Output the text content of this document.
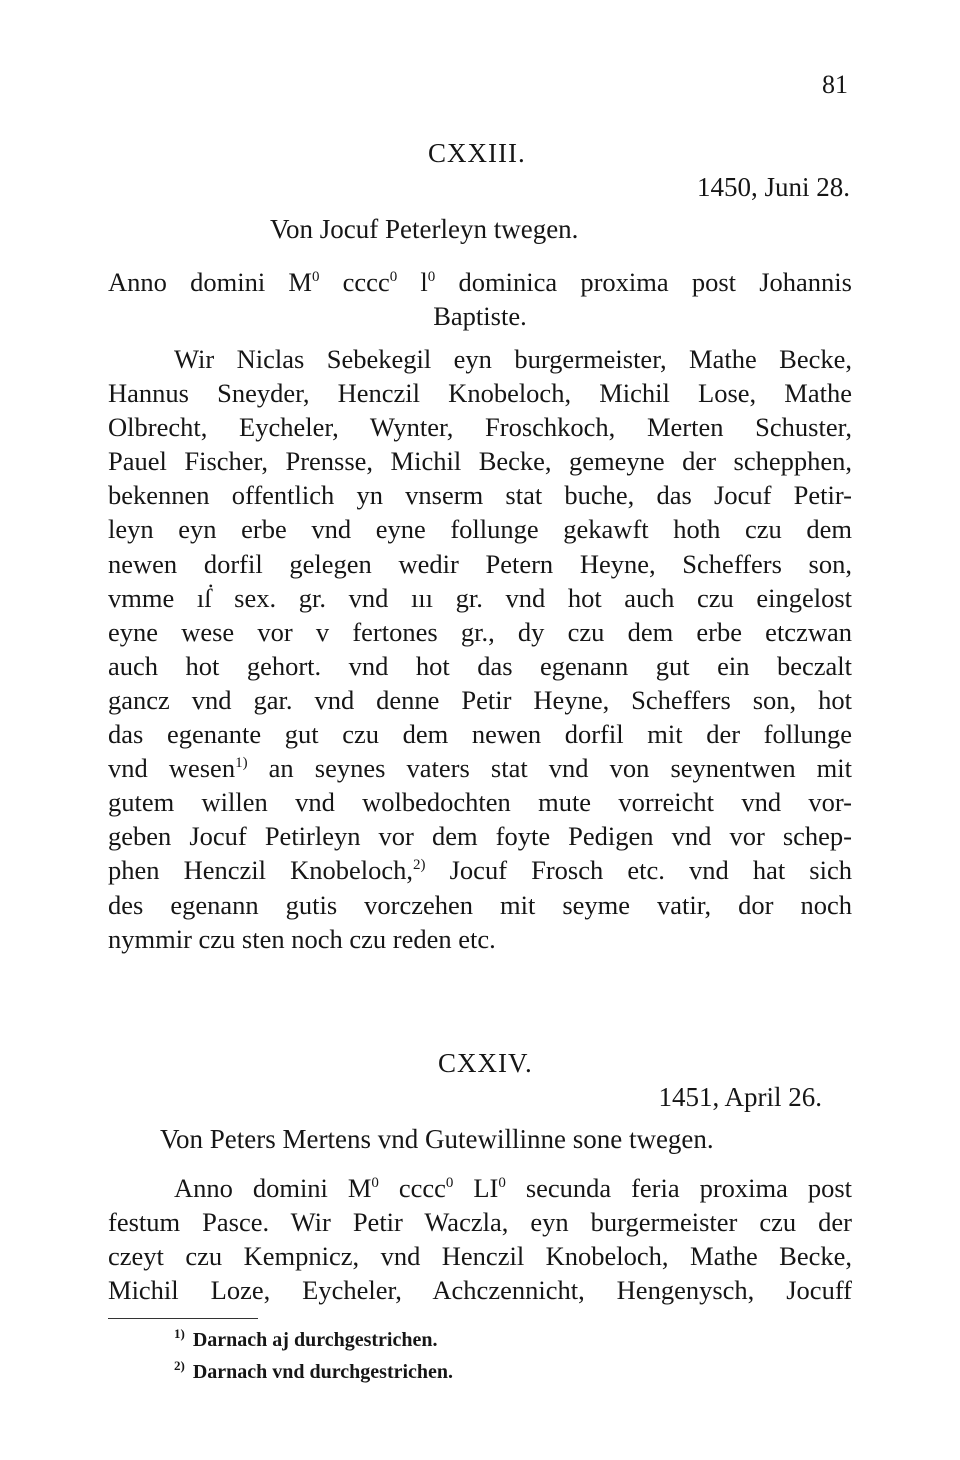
81
CXXIII.
1450, Juni 28.
Von Jocuf Peterleyn twegen.
Anno domini $M^0$ cccc$^0$ $l^0$ dominica proxima post Johannis
Baptiste.
Wir Niclas Sebekegil eyn burgermeister, Mathe Becke,
Hannus Sneyder, Henczil Knobeloch, Michil Lose, Mathe
Olbrecht, Eycheler, Wynter, Froschkoch, Merten Schuster,
Pauel Fischer, Prensse, Michil Becke, gemeyne der schepphen,
bekennen offentlich yn vnserm stat buche, das Jocuf Petir-
leyn eyn erbe vnd eyne follunge gekawft hoth czu dem
newen dorfil gelegen wedir Petern Heyne, Scheffers son,
vmme ıẛ sex. gr. vnd ııı gr. vnd hot auch czu eingelost
eyne wese vor v fertones gr., dy czu dem erbe etczwan
auch hot gehort. vnd hot das egenann gut ein beczalt
gancz vnd gar. vnd denne Petir Heyne, Scheffers son, hot
das egenante gut czu dem newen dorfil mit der follunge
vnd wesen$^{1)}$ an seynes vaters stat vnd von seynentwen mit
gutem willen vnd wolbedochten mute vorreicht vnd vor-
geben Jocuf Petirleyn vor dem foyte Pedigen vnd vor schep-
phen Henczil Knobeloch,$^{2)}$ Jocuf Frosch etc. vnd hat sich
des egenann gutis vorczehen mit seyme vatir, dor noch
nymmir czu sten noch czu reden etc.
CXXIV.
1451, April 26.
Von Peters Mertens vnd Gutewillinne sone twegen.
Anno domini $M^0$ cccc$^0$ $LI^0$ secunda feria proxima post
festum Pasce. Wir Petir Waczla, eyn burgermeister czu der
czeyt czu Kempnicz, vnd Henczil Knobeloch, Mathe Becke,
Michil Loze, Eycheler, Achczennicht, Hengenysch, Jocuff
$^{1)}$ Darnach aj durchgestrichen.
$^{2)}$ Darnach vnd durchgestrichen.
